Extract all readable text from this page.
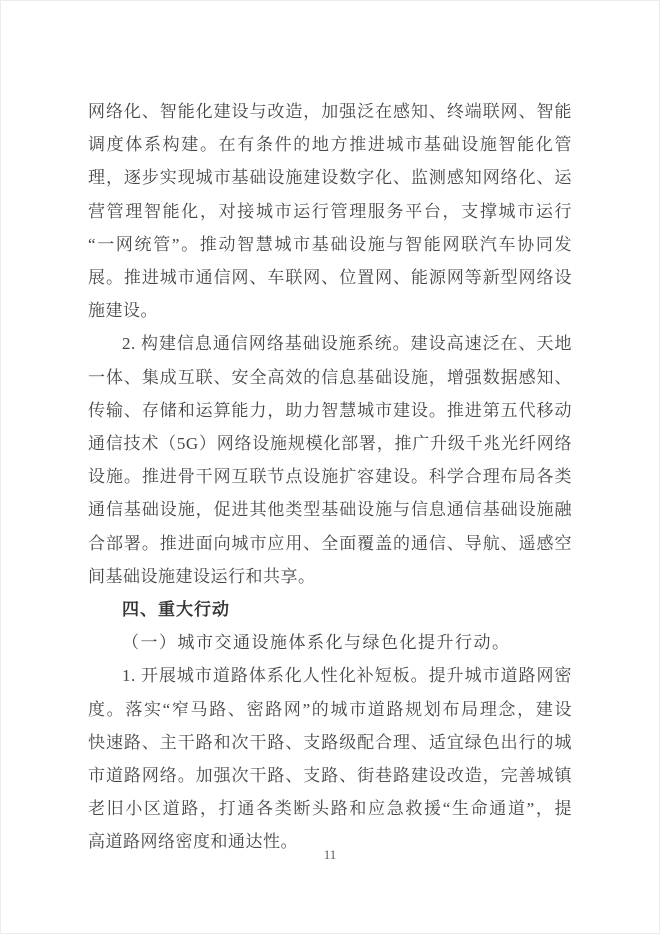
网络化、智能化建设与改造，加强泛在感知、终端联网、智能
调度体系构建。在有条件的地方推进城市基础设施智能化管
理，逐步实现城市基础设施建设数字化、监测感知网络化、运
营管理智能化，对接城市运行管理服务平台，支撑城市运行
“一网统管”。推动智慧城市基础设施与智能网联汽车协同发
展。推进城市通信网、车联网、位置网、能源网等新型网络设
施建设。
2. 构建信息通信网络基础设施系统。建设高速泛在、天地
一体、集成互联、安全高效的信息基础设施，增强数据感知、
传输、存储和运算能力，助力智慧城市建设。推进第五代移动
通信技术（5G）网络设施规模化部署，推广升级千兆光纤网络
设施。推进骨干网互联节点设施扩容建设。科学合理布局各类
通信基础设施，促进其他类型基础设施与信息通信基础设施融
合部署。推进面向城市应用、全面覆盖的通信、导航、遥感空
间基础设施建设运行和共享。
四、重大行动
（一）城市交通设施体系化与绿色化提升行动。
1. 开展城市道路体系化人性化补短板。提升城市道路网密
度。落实“窄马路、密路网”的城市道路规划布局理念，建设
快速路、主干路和次干路、支路级配合理、适宜绿色出行的城
市道路网络。加强次干路、支路、街巷路建设改造，完善城镇
老旧小区道路，打通各类断头路和应急救援“生命通道”，提
高道路网络密度和通达性。
11
